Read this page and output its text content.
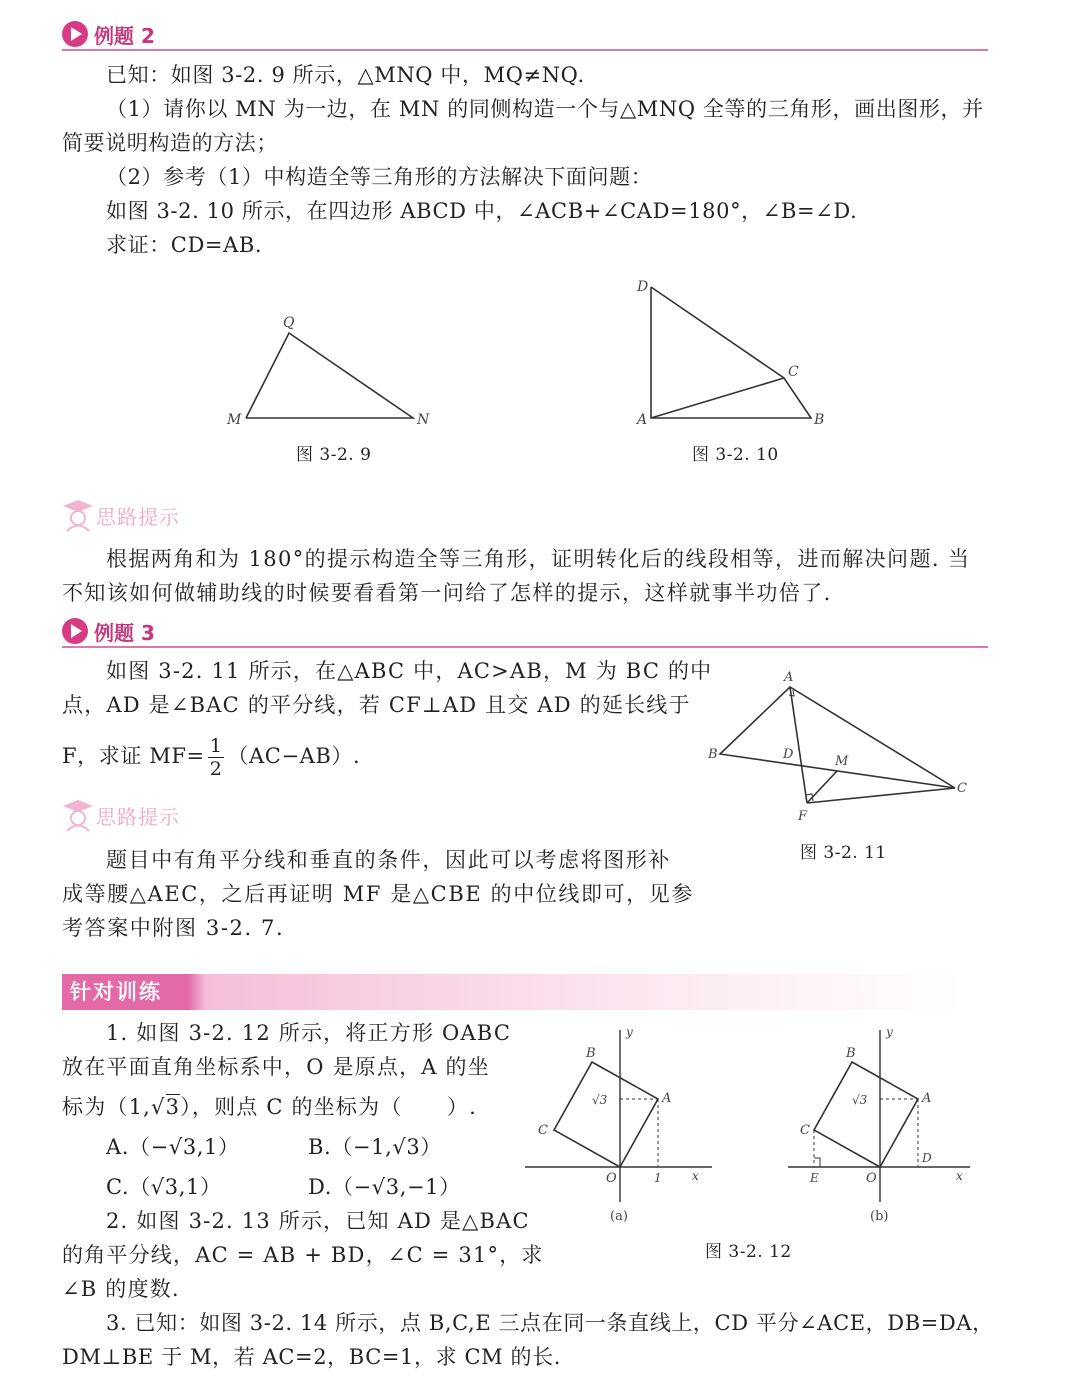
例题 2
已知：如图 3-2. 9 所示，△MNQ 中，MQ≠NQ.
（1）请你以 MN 为一边，在 MN 的同侧构造一个与△MNQ 全等的三角形，画出图形，并
简要说明构造的方法；
（2）参考（1）中构造全等三角形的方法解决下面问题：
如图 3-2. 10 所示，在四边形 ABCD 中，∠ACB+∠CAD=180°，∠B=∠D.
求证：CD=AB.
Q
M	N
图 3-2. 9
D
C
A	B
图 3-2. 10
思路提示
根据两角和为 180°的提示构造全等三角形，证明转化后的线段相等，进而解决问题. 当
不知该如何做辅助线的时候要看看第一问给了怎样的提示，这样就事半功倍了.
例题 3
如图 3-2. 11 所示，在△ABC 中，AC>AB，M 为 BC 的中
点，AD 是∠BAC 的平分线，若 CF⊥AD 且交 AD 的延长线于
F，求证 $MF= \frac{1}{2} (AC-AB)$.
思路提示
题目中有角平分线和垂直的条件，因此可以考虑将图形补
成等腰△AEC，之后再证明 MF 是△CBE 的中位线即可，见参
考答案中附图 3-2. 7.
A
B	D	M
C
F
图 3-2. 11
针对训练
1. 如图 3-2. 12 所示，将正方形 OABC
放在平面直角坐标系中，O 是原点，A 的坐
标为（1,√3），则点 C 的坐标为（　　）.
A.（−√3,1）	B.（−1,√3）
C.（√3,1）	D.（−√3,−1）
2. 如图 3-2. 13 所示，已知 AD 是△BAC
的角平分线，AC = AB + BD，∠C = 31°，求
∠B 的度数.
3. 已知：如图 3-2. 14 所示，点 B,C,E 三点在同一条直线上，CD 平分∠ACE，DB=DA，
DM⊥BE 于 M，若 AC=2，BC=1，求 CM 的长.
y
x
B
A
C
O
√3
1
(a)
y
x
B
A
C
O
√3
D
E
(b)
图 3-2. 12
